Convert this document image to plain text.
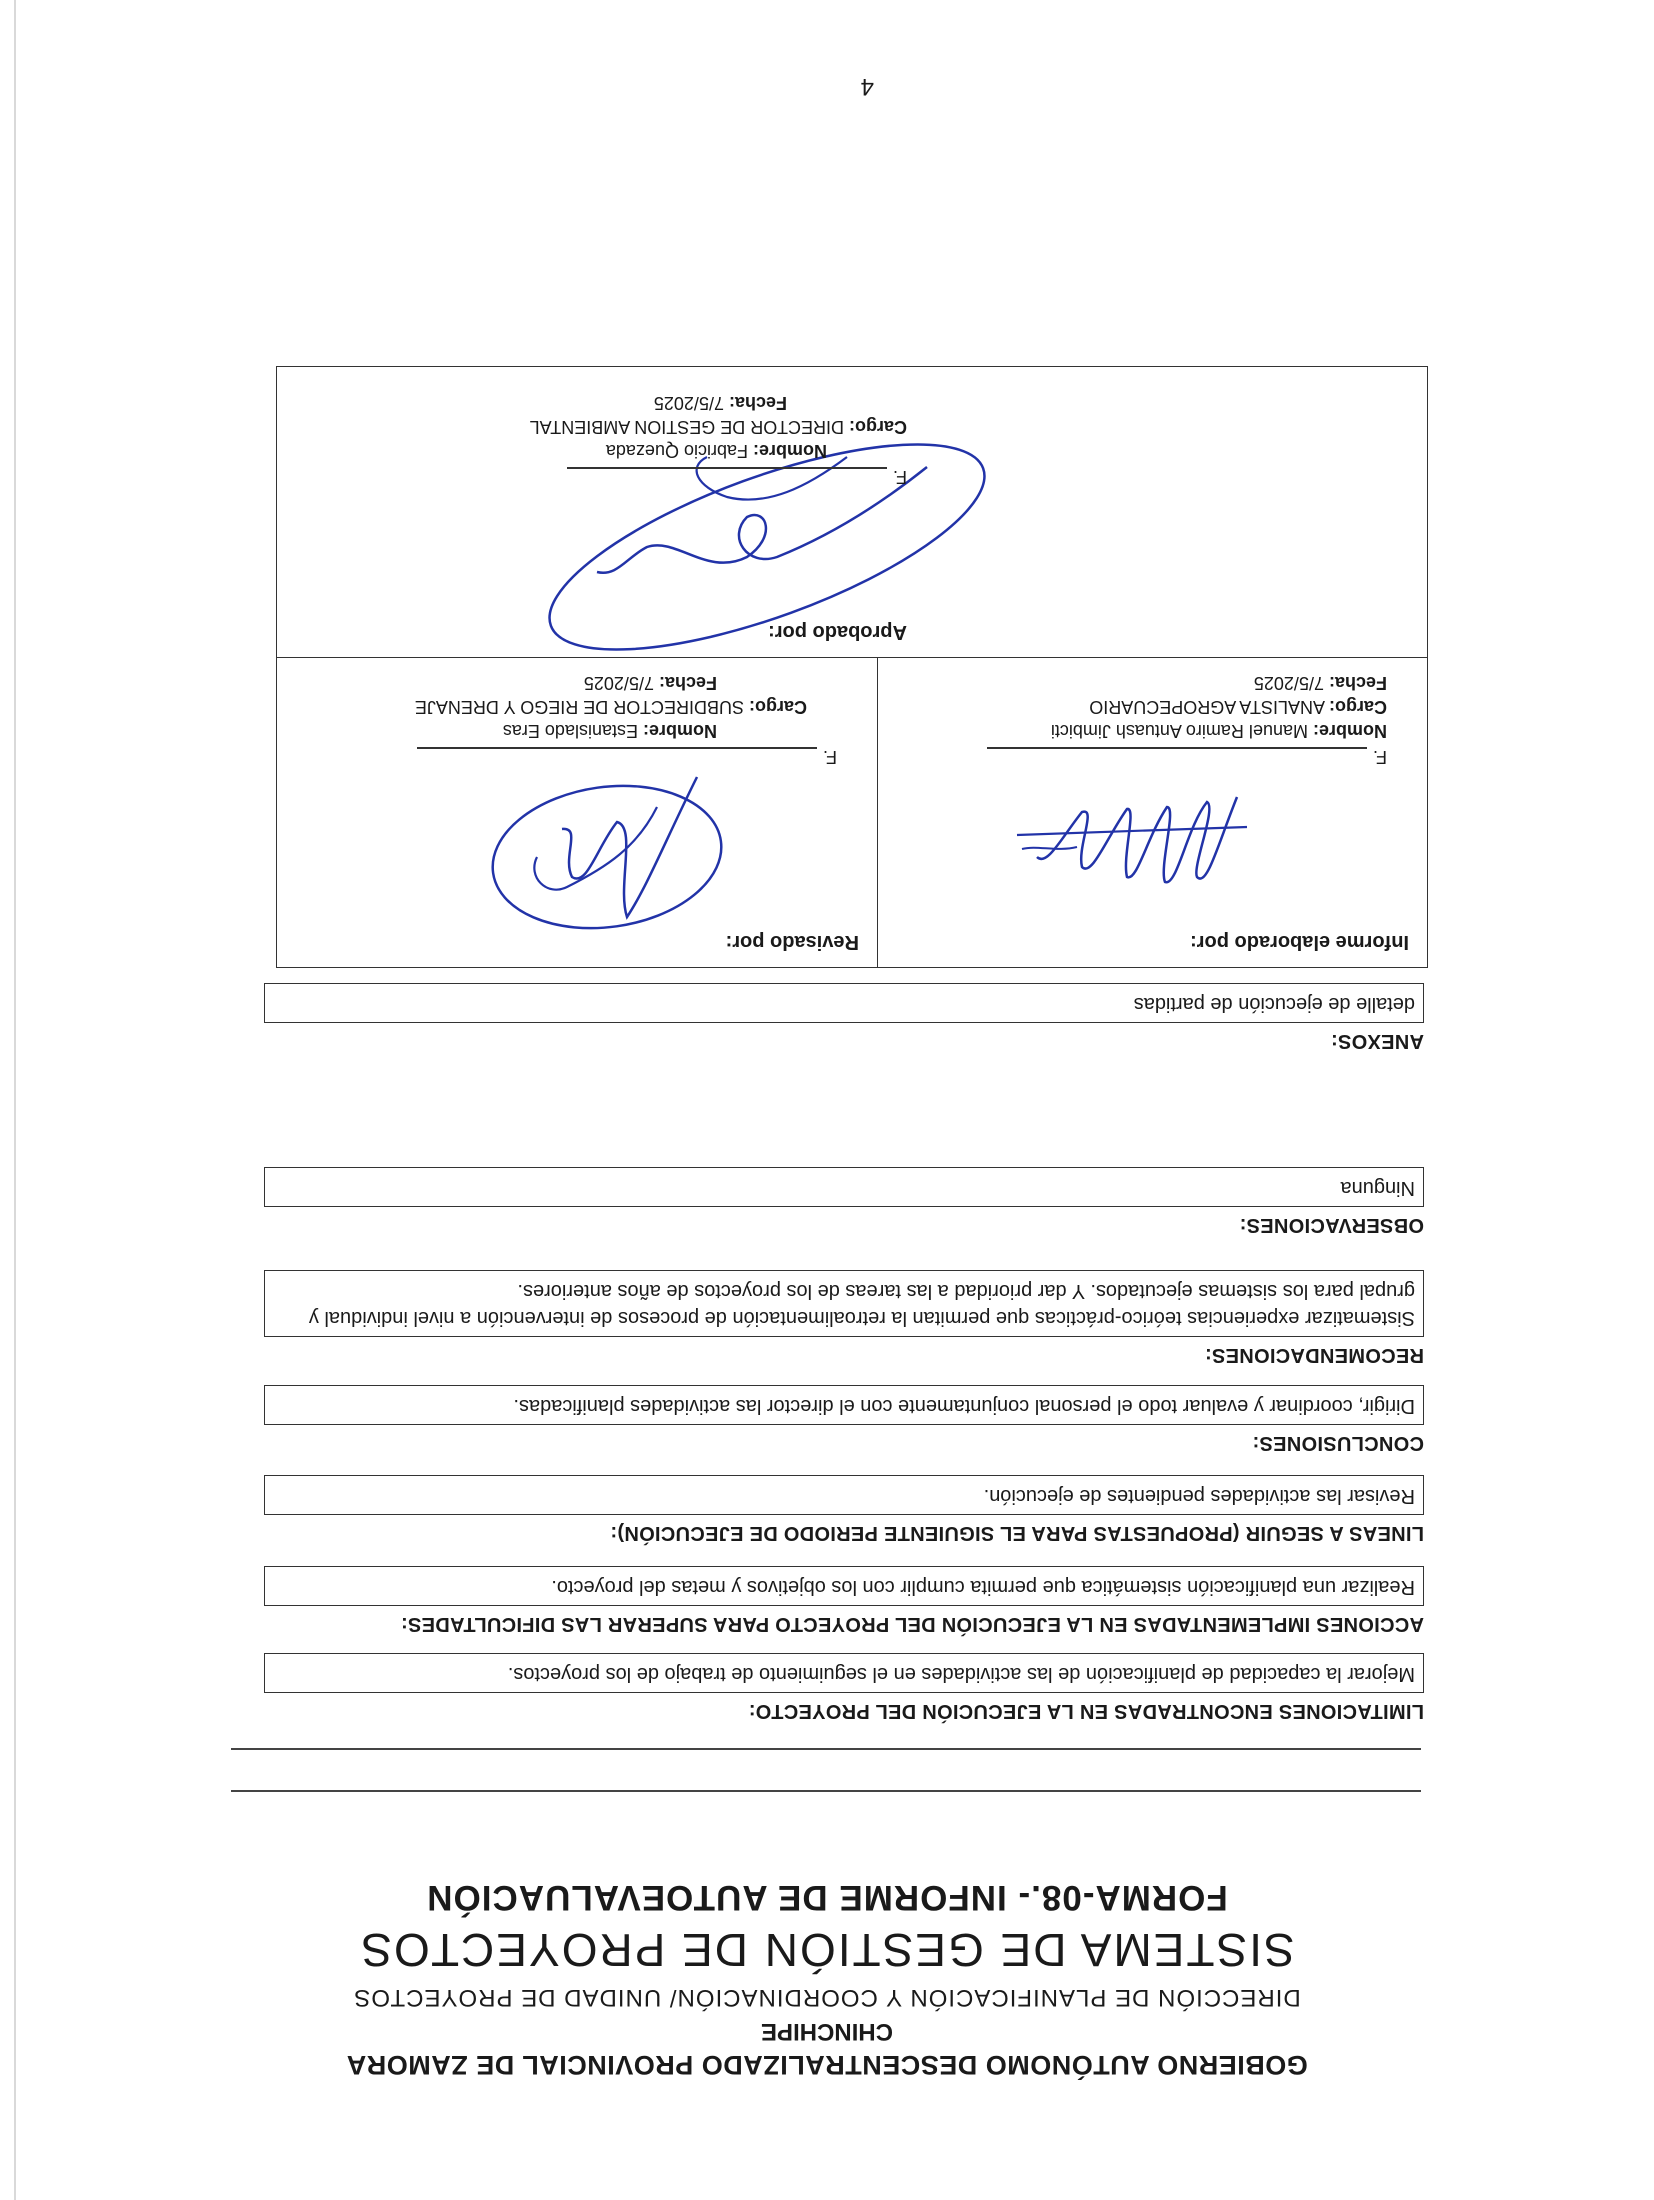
GOBIERNO AUTÓNOMO DESCENTRALIZADO PROVINCIAL DE ZAMORA
CHINCHIPE
DIRECCIÓN DE PLANIFICACIÓN Y COORDINACIÓN/ UNIDAD DE PROYECTOS
SISTEMA DE GESTIÓN DE PROYECTOS
FORMA-08.- INFORME DE AUTOEVALUACIÓN
LIMITACIONES ENCONTRADAS EN LA EJECUCIÓN DEL PROYECTO:
Mejorar la capacidad de planificación de las actividades en el seguimiento de trabajo de los proyectos.
ACCIONES IMPLEMENTADAS EN LA EJECUCIÓN DEL PROYECTO PARA SUPERAR LAS DIFICULTADES:
Realizar una planificación sistemática que permita cumplir con los objetivos y metas del proyecto.
LINEAS A SEGUIR (PROPUESTAS PARA EL SIGUIENTE PERIODO DE EJECUCIÓN):
Revisar las actividades pendientes de ejecución.
CONCLUSIONES:
Dirigir, coordinar y evaluar todo el personal conjuntamente con el director las actividades planificadas.
RECOMENDACIONES:
Sistematizar experiencias teórico-prácticas que permitan la retroalimentación de procesos de intervención a nivel individual y grupal para los sistemas ejecutados. Y dar prioridad a las tareas de los proyectos de años anteriores.
OBSERVACIONES:
Ninguna
ANEXOS:
detalle de ejecución de partidas
Informe elaborado por:
F.
Nombre: Manuel Ramiro Antuash Jimbicti
Cargo: ANALISTA AGROPECUARIO
Fecha: 7/5/2025
Revisado por:
F.
Nombre: Estanislado Eras
Cargo: SUBDIRECTOR DE RIEGO Y DRENAJE
Fecha: 7/5/2025
Aprobado por:
F.
Nombre: Fabricio Quezada
Cargo: DIRECTOR DE GESTION AMBIENTAL
Fecha: 7/5/2025
4
